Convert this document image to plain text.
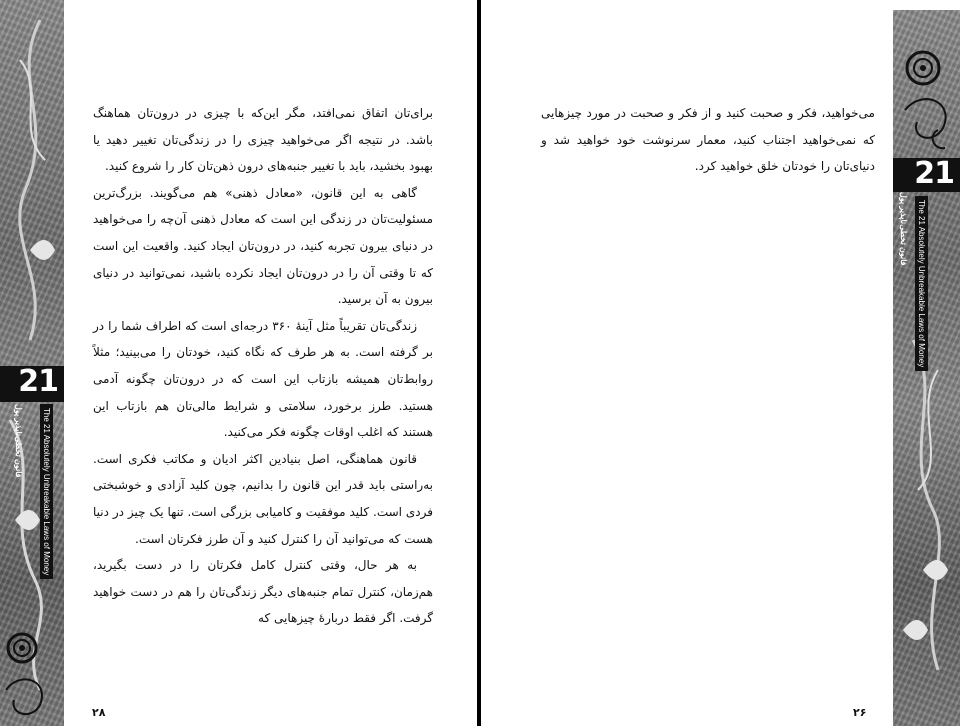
21
قانون تخطی‌ناپذیر پول The 21 Absolutely Unbreakable Laws of Money

برای‌تان اتفاق نمی‌افتد، مگر این‌که با چیزی در درون‌تان هماهنگ باشد. در نتیجه اگر می‌خواهید چیزی را در زندگی‌تان تغییر دهید یا بهبود بخشید، باید با تغییر جنبه‌های درون ذهن‌تان کار را شروع کنید.

گاهی به این قانون، «معادل ذهنی» هم می‌گویند. بزرگ‌ترین مسئولیت‌تان در زندگی این است که معادل ذهنی آن‌چه را می‌خواهید در دنیای بیرون تجربه کنید، در درون‌تان ایجاد کنید. واقعیت این است که تا وقتی آن را در درون‌تان ایجاد نکرده باشید، نمی‌توانید در دنیای بیرون به آن برسید.

زندگی‌تان تقریباً مثل آینهٔ ۳۶۰ درجه‌ای است که اطراف شما را در بر گرفته است. به هر طرف که نگاه کنید، خودتان را می‌بینید؛ مثلاً روابط‌تان همیشه بازتاب این است که در درون‌تان چگونه آدمی هستید. طرز برخورد، سلامتی و شرایط مالی‌تان هم بازتاب این هستند که اغلب اوقات چگونه فکر می‌کنید.

قانون هماهنگی، اصل بنیادین اکثر ادیان و مکاتب فکری است. به‌راستی باید قدر این قانون را بدانیم، چون کلید آزادی و خوشبختی فردی است. کلید موفقیت و کامیابی بزرگی است. تنها یک چیز در دنیا هست که می‌توانید آن را کنترل کنید و آن طرز فکرتان است.

به هر حال، وقتی کنترل کامل فکرتان را در دست بگیرید، هم‌زمان، کنترل تمام جنبه‌های دیگر زندگی‌تان را هم در دست خواهید گرفت. اگر فقط دربارهٔ چیزهایی که

۲۸
21
قانون تخطی‌ناپذیر پول The 21 Absolutely Unbreakable Laws of Money

می‌خواهید، فکر و صحبت کنید و از فکر و صحبت در مورد چیزهایی که نمی‌خواهید اجتناب کنید، معمار سرنوشت خود خواهید شد و دنیای‌تان را خودتان خلق خواهید کرد.

۲۶
